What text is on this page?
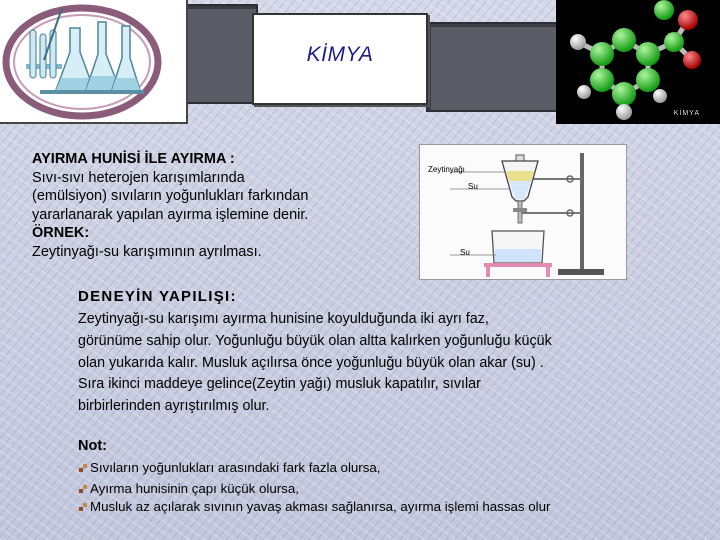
KİMYA
KİMYA
AYIRMA HUNİSİ İLE AYIRMA :
Sıvı-sıvı heterojen karışımlarında
(emülsiyon) sıvıların yoğunlukları farkından
yararlanarak yapılan ayırma işlemine denir.
ÖRNEK:
Zeytinyağı-su karışımının ayrılması.
Zeytinyağı
Su
Su
DENEYİN YAPILIŞI:
Zeytinyağı-su karışımı ayırma hunisine koyulduğunda iki ayrı faz,
görünüme sahip olur. Yoğunluğu büyük olan altta kalırken yoğunluğu küçük
olan yukarıda kalır. Musluk açılırsa önce yoğunluğu büyük olan akar (su) .
Sıra ikinci maddeye gelince(Zeytin yağı) musluk kapatılır, sıvılar
birbirlerinden ayrıştırılmış olur.
Not:
Sıvıların yoğunlukları arasındaki fark fazla olursa,
Ayırma hunisinin çapı küçük olursa,
Musluk az açılarak sıvının yavaş akması sağlanırsa, ayırma işlemi hassas olur
